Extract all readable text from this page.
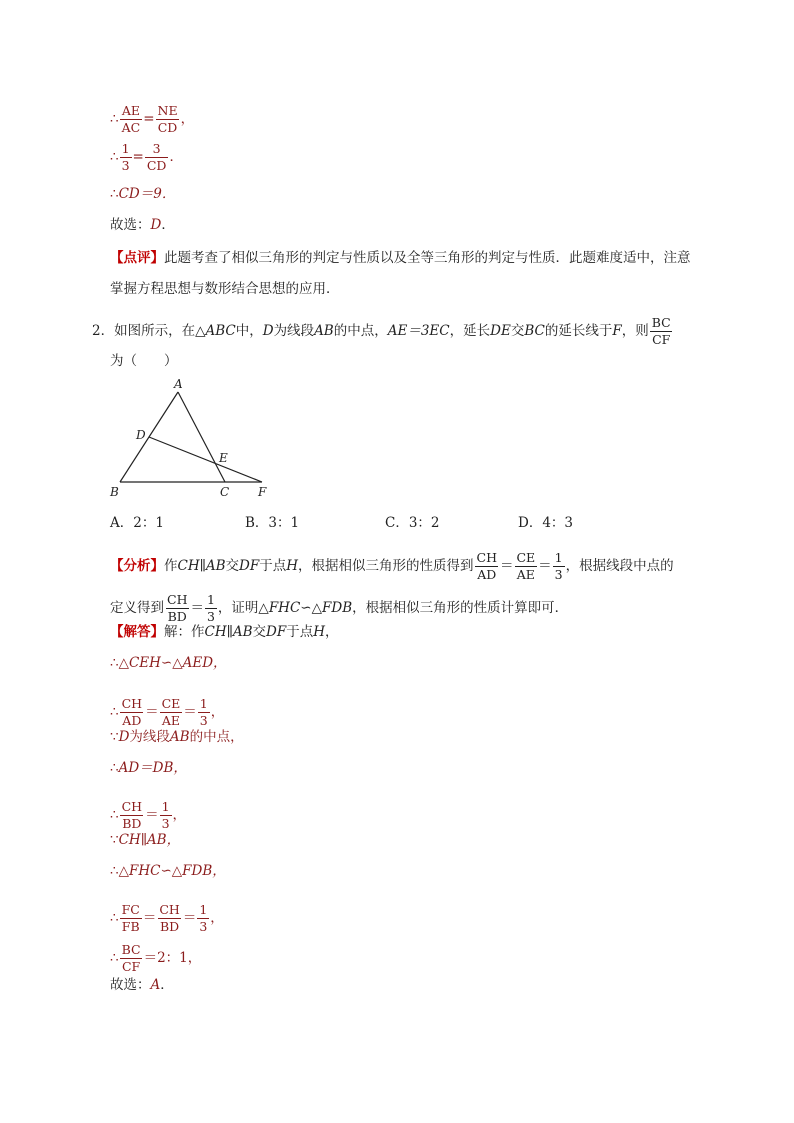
∴ $\frac{AE}{AC} = \frac{NE}{CD}$ ，
∴ $\frac{1}{3} = \frac{3}{CD}$ ．
∴ CD＝9．
故选： D ．
【点评】此题考查了相似三角形的判定与性质以及全等三角形的判定与性质．此题难度适中，注意掌握方程思想与数形结合思想的应用．
2． 如图所示，在△ ABC 中， D 为线段 AB 的中点， AE＝3EC ，延长 DE 交 BC 的延长线于 F ，则 $\frac{BC}{CF}$
为（　　）
A
B	C
D
E
F
A．2：1	B．3：1	C．3：2	D．4：3
【分析】 作 CH∥AB 交 DF 于点 H ，根据相似三角形的性质得到 $\frac{CH}{AD} = \frac{CE}{AE} = \frac{1}{3}$ ，根据线段中点的
定义得到 $\frac{CH}{BD} = \frac{1}{3}$ ，证明△ FHC ∽△ FDB ，根据相似三角形的性质计算即可．
【解答】 解：作 CH∥AB 交 DF 于点 H ，
∴ △CEH∽△AED，
∴ $\frac{CH}{AD} = \frac{CE}{AE} = \frac{1}{3}$ ，
∵ D 为线段 AB 的中点，
∴ AD＝DB，
∴ $\frac{CH}{BD} = \frac{1}{3}$ ，
∵ CH∥AB，
∴ △FHC∽△FDB，
∴ $\frac{FC}{FB} = \frac{CH}{BD} = \frac{1}{3}$ ，
∴ $\frac{BC}{CF} = 2$：1，
故选： A ．
